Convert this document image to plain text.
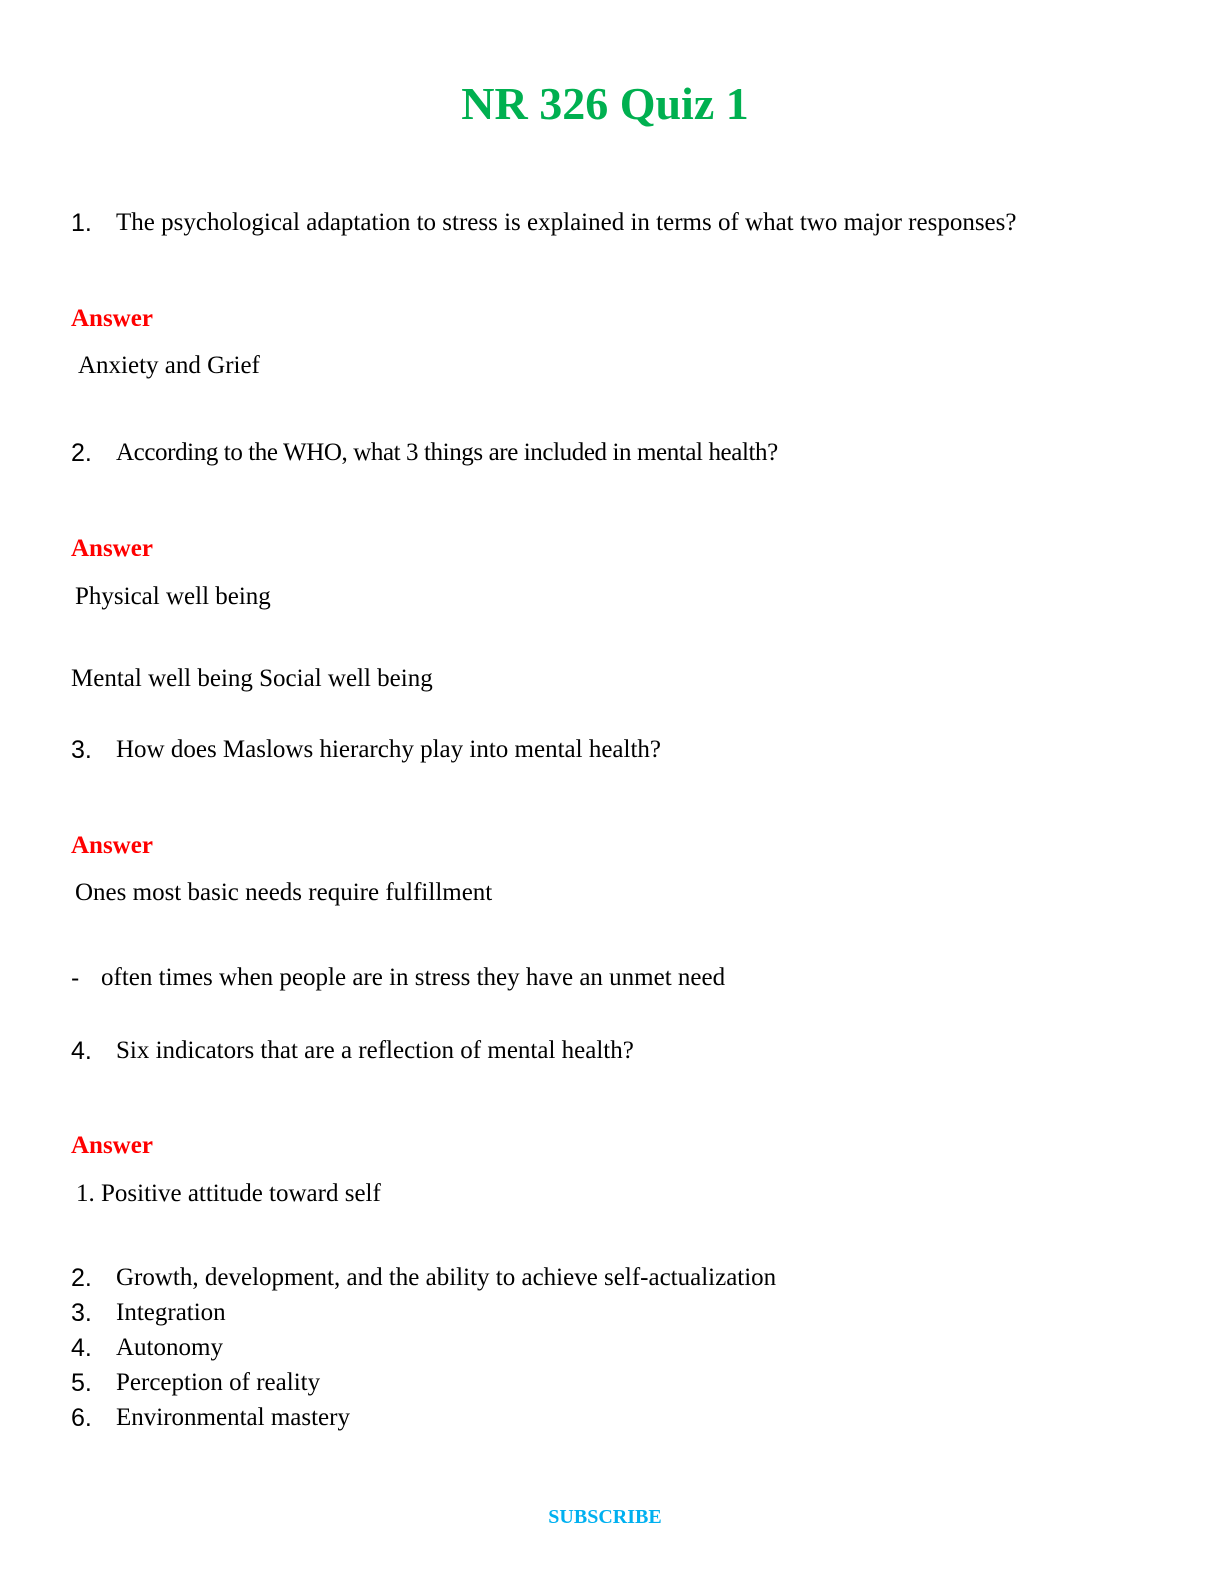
NR 326 Quiz 1
1. The psychological adaptation to stress is explained in terms of what two major responses?
Answer
Anxiety and Grief
2. According to the WHO, what 3 things are included in mental health?
Answer
Physical well being
Mental well being Social well being
3. How does Maslows hierarchy play into mental health?
Answer
Ones most basic needs require fulfillment
- often times when people are in stress they have an unmet need
4. Six indicators that are a reflection of mental health?
Answer
1. Positive attitude toward self
2. Growth, development, and the ability to achieve self-actualization
3. Integration
4. Autonomy
5. Perception of reality
6. Environmental mastery
SUBSCRIBE
